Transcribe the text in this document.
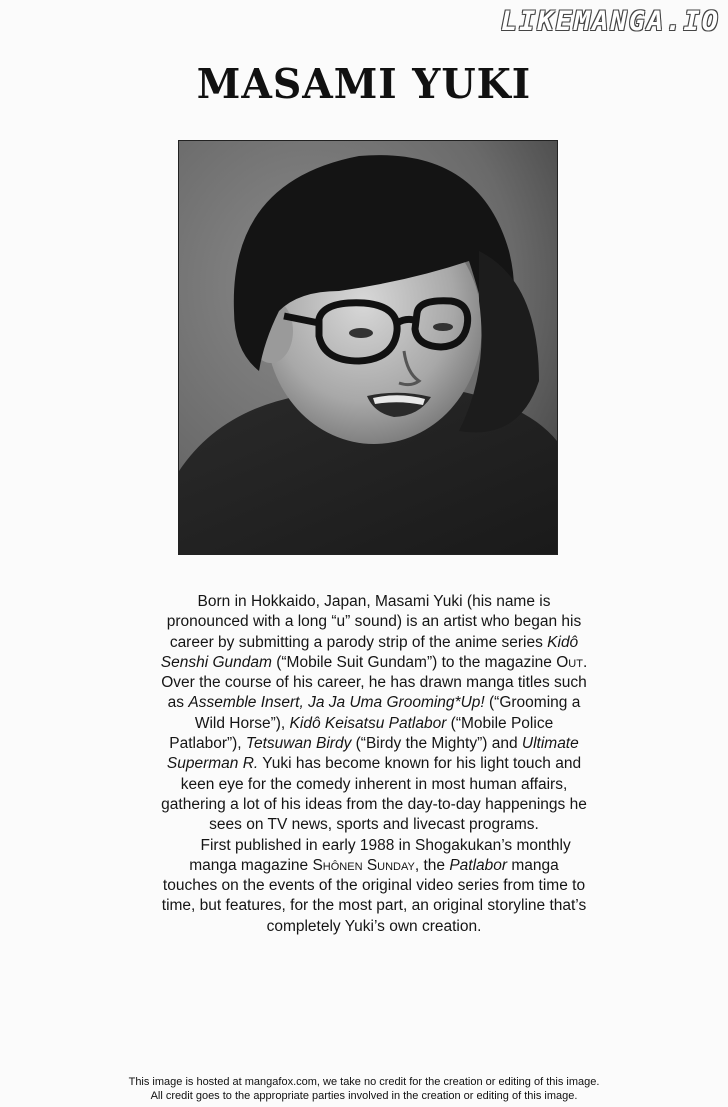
LIKEMANGA.IO
MASAMI YUKI

Born in Hokkaido, Japan, Masami Yuki (his name is pronounced with a long “u” sound) is an artist who began his career by submitting a parody strip of the anime series Kidô Senshi Gundam (“Mobile Suit Gundam”) to the magazine Out. Over the course of his career, he has drawn manga titles such as Assemble Insert, Ja Ja Uma Grooming*Up! (“Grooming a Wild Horse”), Kidô Keisatsu Patlabor (“Mobile Police Patlabor”), Tetsuwan Birdy (“Birdy the Mighty”) and Ultimate Superman R. Yuki has become known for his light touch and keen eye for the comedy inherent in most human affairs, gathering a lot of his ideas from the day-to-day happenings he sees on TV news, sports and livecast programs.

First published in early 1988 in Shogakukan’s monthly manga magazine Shônen Sunday, the Patlabor manga touches on the events of the original video series from time to time, but features, for the most part, an original storyline that’s completely Yuki’s own creation.

This image is hosted at mangafox.com, we take no credit for the creation or editing of this image.
All credit goes to the appropriate parties involved in the creation or editing of this image.
